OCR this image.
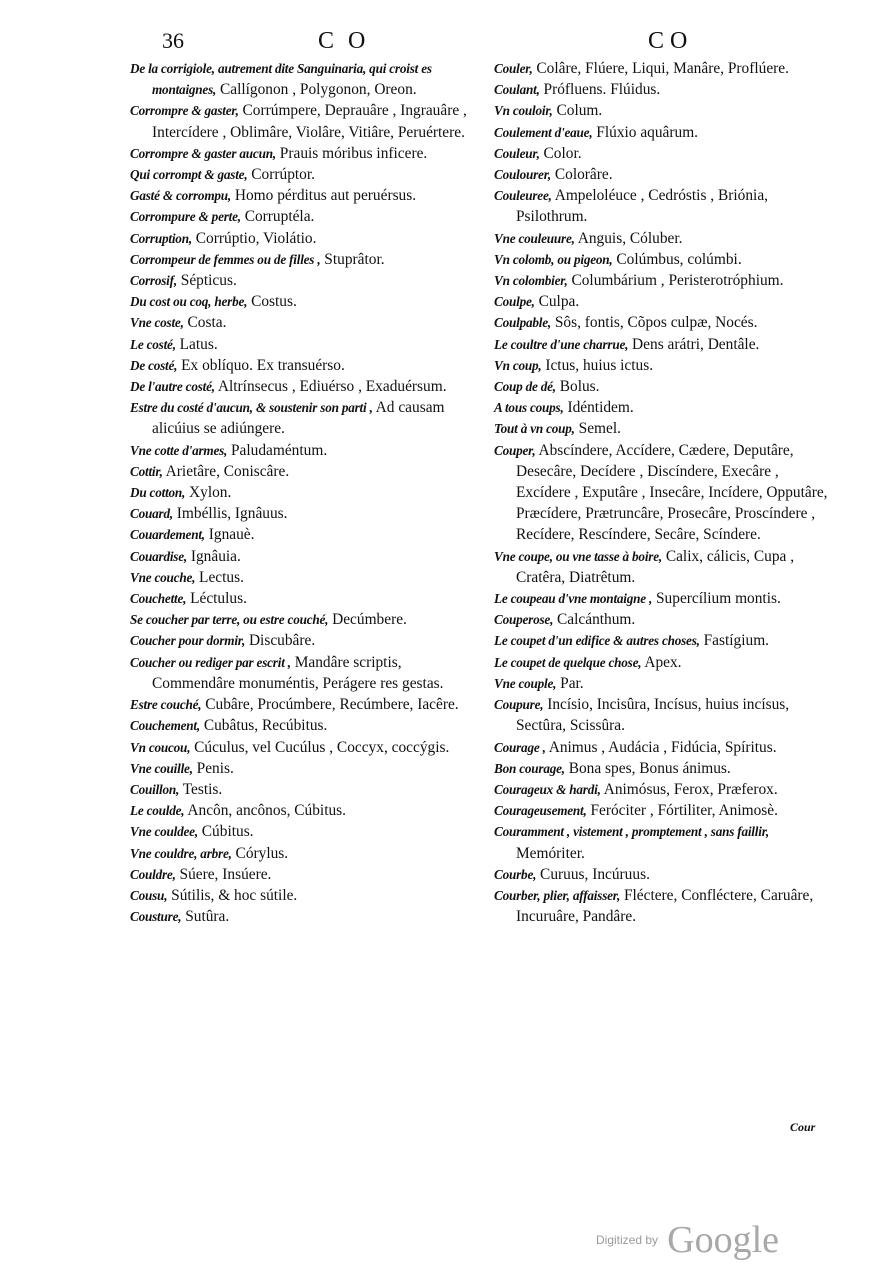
36	CO	CO

De la corrigiole, autrement dite Sanguinaria, qui croist es montaignes, Callígonon , Polygonon, Oreon.

Corrompre & gaster, Corrúmpere, Deprauâre , Ingrauâre , Intercídere , Oblimâre, Violâre, Vitiâre, Peruértere.

Corrompre & gaster aucun, Prauis móribus inficere.

Qui corrompt & gaste, Corrúptor.

Gasté & corrompu, Homo pérditus aut peruérsus.

Corrompure & perte, Corruptéla.

Corruption, Corrúptio, Violátio.

Corrompeur de femmes ou de filles , Stuprâtor.

Corrosif, Sépticus.

Du cost ou coq, herbe, Costus.

Vne coste, Costa.

Le costé, Latus.

De costé, Ex oblíquo. Ex transuérso.

De l'autre costé, Altrínsecus , Ediuérso , Exaduérsum.

Estre du costé d'aucun, & soustenir son parti , Ad causam alicúius se adiúngere.

Vne cotte d'armes, Paludaméntum.

Cottir, Arietâre, Coniscâre.

Du cotton, Xylon.

Couard, Imbéllis, Ignâuus.

Couardement, Ignauè.

Couardise, Ignâuia.

Vne couche, Lectus.

Couchette, Léctulus.

Se coucher par terre, ou estre couché, Decúmbere.

Coucher pour dormir, Discubâre.

Coucher ou rediger par escrit , Mandâre scriptis, Commendâre monuméntis, Perágere res gestas.

Estre couché, Cubâre, Procúmbere, Recúmbere, Iacêre.

Couchement, Cubâtus, Recúbitus.

Vn coucou, Cúculus, vel Cucúlus , Coccyx, coccýgis.

Vne couille, Penis.

Couillon, Testis.

Le coulde, Ancôn, ancônos, Cúbitus.

Vne couldee, Cúbitus.

Vne couldre, arbre, Córylus.

Couldre, Súere, Insúere.

Cousu, Sútilis, & hoc sútile.

Cousture, Sutûra.

Couler, Colâre, Flúere, Liqui, Manâre, Proflúere.

Coulant, Prófluens. Flúidus.

Vn couloir, Colum.

Coulement d'eaue, Flúxio aquârum.

Couleur, Color.

Coulourer, Colorâre.

Couleuree, Ampeloléuce , Cedróstis , Briónia, Psilothrum.

Vne couleuure, Anguis, Cóluber.

Vn colomb, ou pigeon, Colúmbus, colúmbi.

Vn colombier, Columbárium , Peristerotróphium.

Coulpe, Culpa.

Coulpable, Sôs, fontis, Cõpos culpæ, Nocés.

Le coultre d'une charrue, Dens arátri, Dentâle.

Vn coup, Ictus, huius ictus.

Coup de dé, Bolus.

A tous coups, Idéntidem.

Tout à vn coup, Semel.

Couper, Abscíndere, Accídere, Cædere, Deputâre, Desecâre, Decídere , Discíndere, Execâre , Excídere , Exputâre , Insecâre, Incídere, Opputâre, Præcídere, Prætruncâre, Prosecâre, Proscíndere , Recídere, Rescíndere, Secâre, Scíndere.

Vne coupe, ou vne tasse à boire, Calix, cálicis, Cupa , Cratêra, Diatrêtum.

Le coupeau d'vne montaigne , Supercílium montis.

Couperose, Calcánthum.

Le coupet d'un edifice & autres choses, Fastígium.

Le coupet de quelque chose, Apex.

Vne couple, Par.

Coupure, Incísio, Incisûra, Incísus, huius incísus, Sectûra, Scissûra.

Courage , Animus , Audácia , Fidúcia, Spíritus.

Bon courage, Bona spes, Bonus ánimus.

Courageux & hardi, Animósus, Ferox, Præferox.

Courageusement, Feróciter , Fórtiliter, Animosè.

Couramment , vistement , promptement , sans faillir, Memóriter.

Courbe, Curuus, Incúruus.

Courber, plier, affaisser, Fléctere, Confléctere, Caruâre, Incuruâre, Pandâre.

Cour
Digitized by Google
